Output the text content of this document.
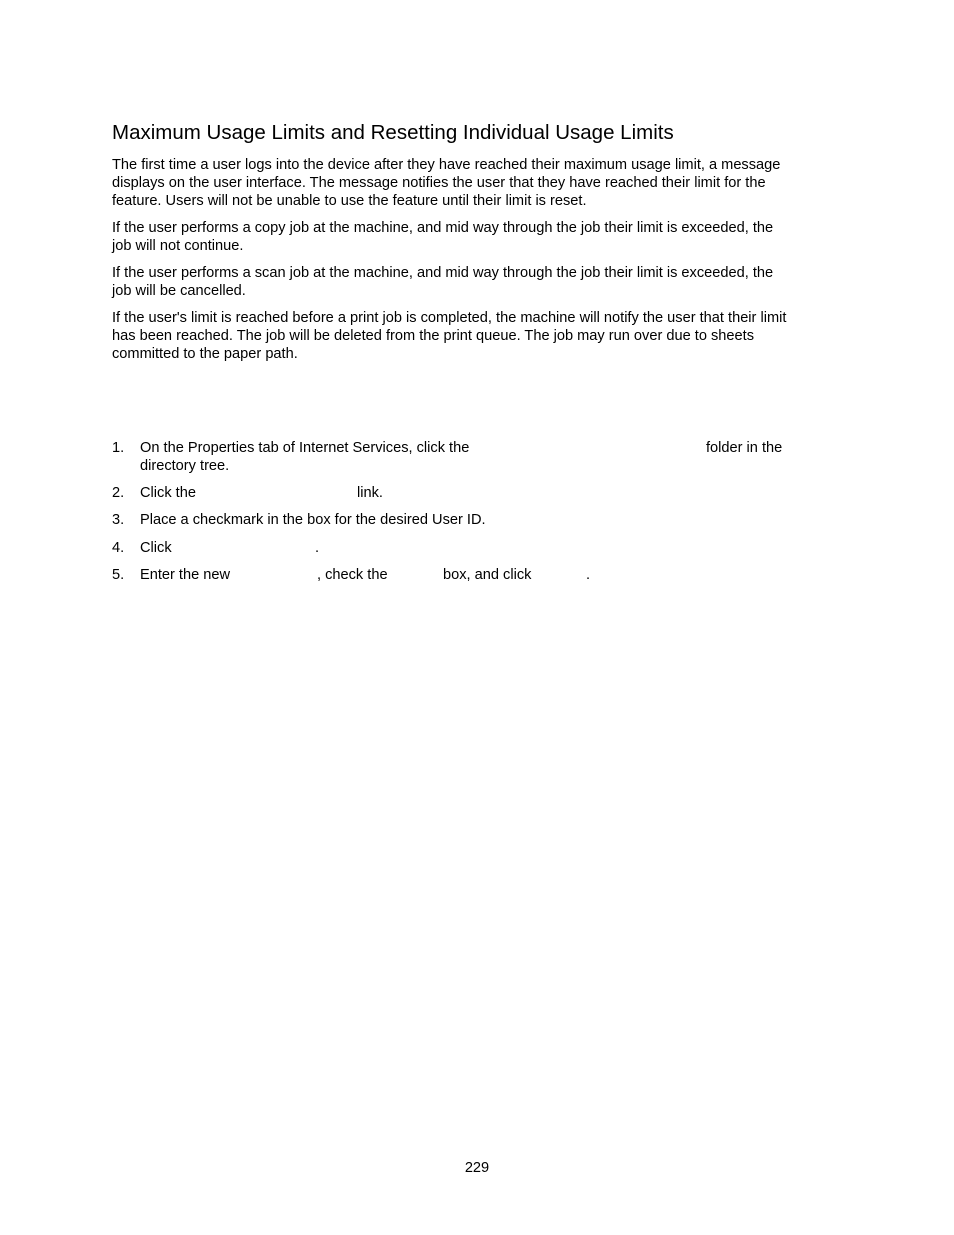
Maximum Usage Limits and Resetting Individual Usage Limits

The first time a user logs into the device after they have reached their maximum usage limit, a message
displays on the user interface. The message notifies the user that they have reached their limit for the
feature. Users will not be unable to use the feature until their limit is reset.

If the user performs a copy job at the machine, and mid way through the job their limit is exceeded, the
job will not continue.

If the user performs a scan job at the machine, and mid way through the job their limit is exceeded, the
job will be cancelled.

If the user's limit is reached before a print job is completed, the machine will notify the user that their limit
has been reached. The job will be deleted from the print queue. The job may run over due to sheets
committed to the paper path.

1. On the Properties tab of Internet Services, click the	folder in the
directory tree.
2. Click the	link.
3. Place a checkmark in the box for the desired User ID.
4. Click	.
5. Enter the new	, check the	box, and click	.
229
